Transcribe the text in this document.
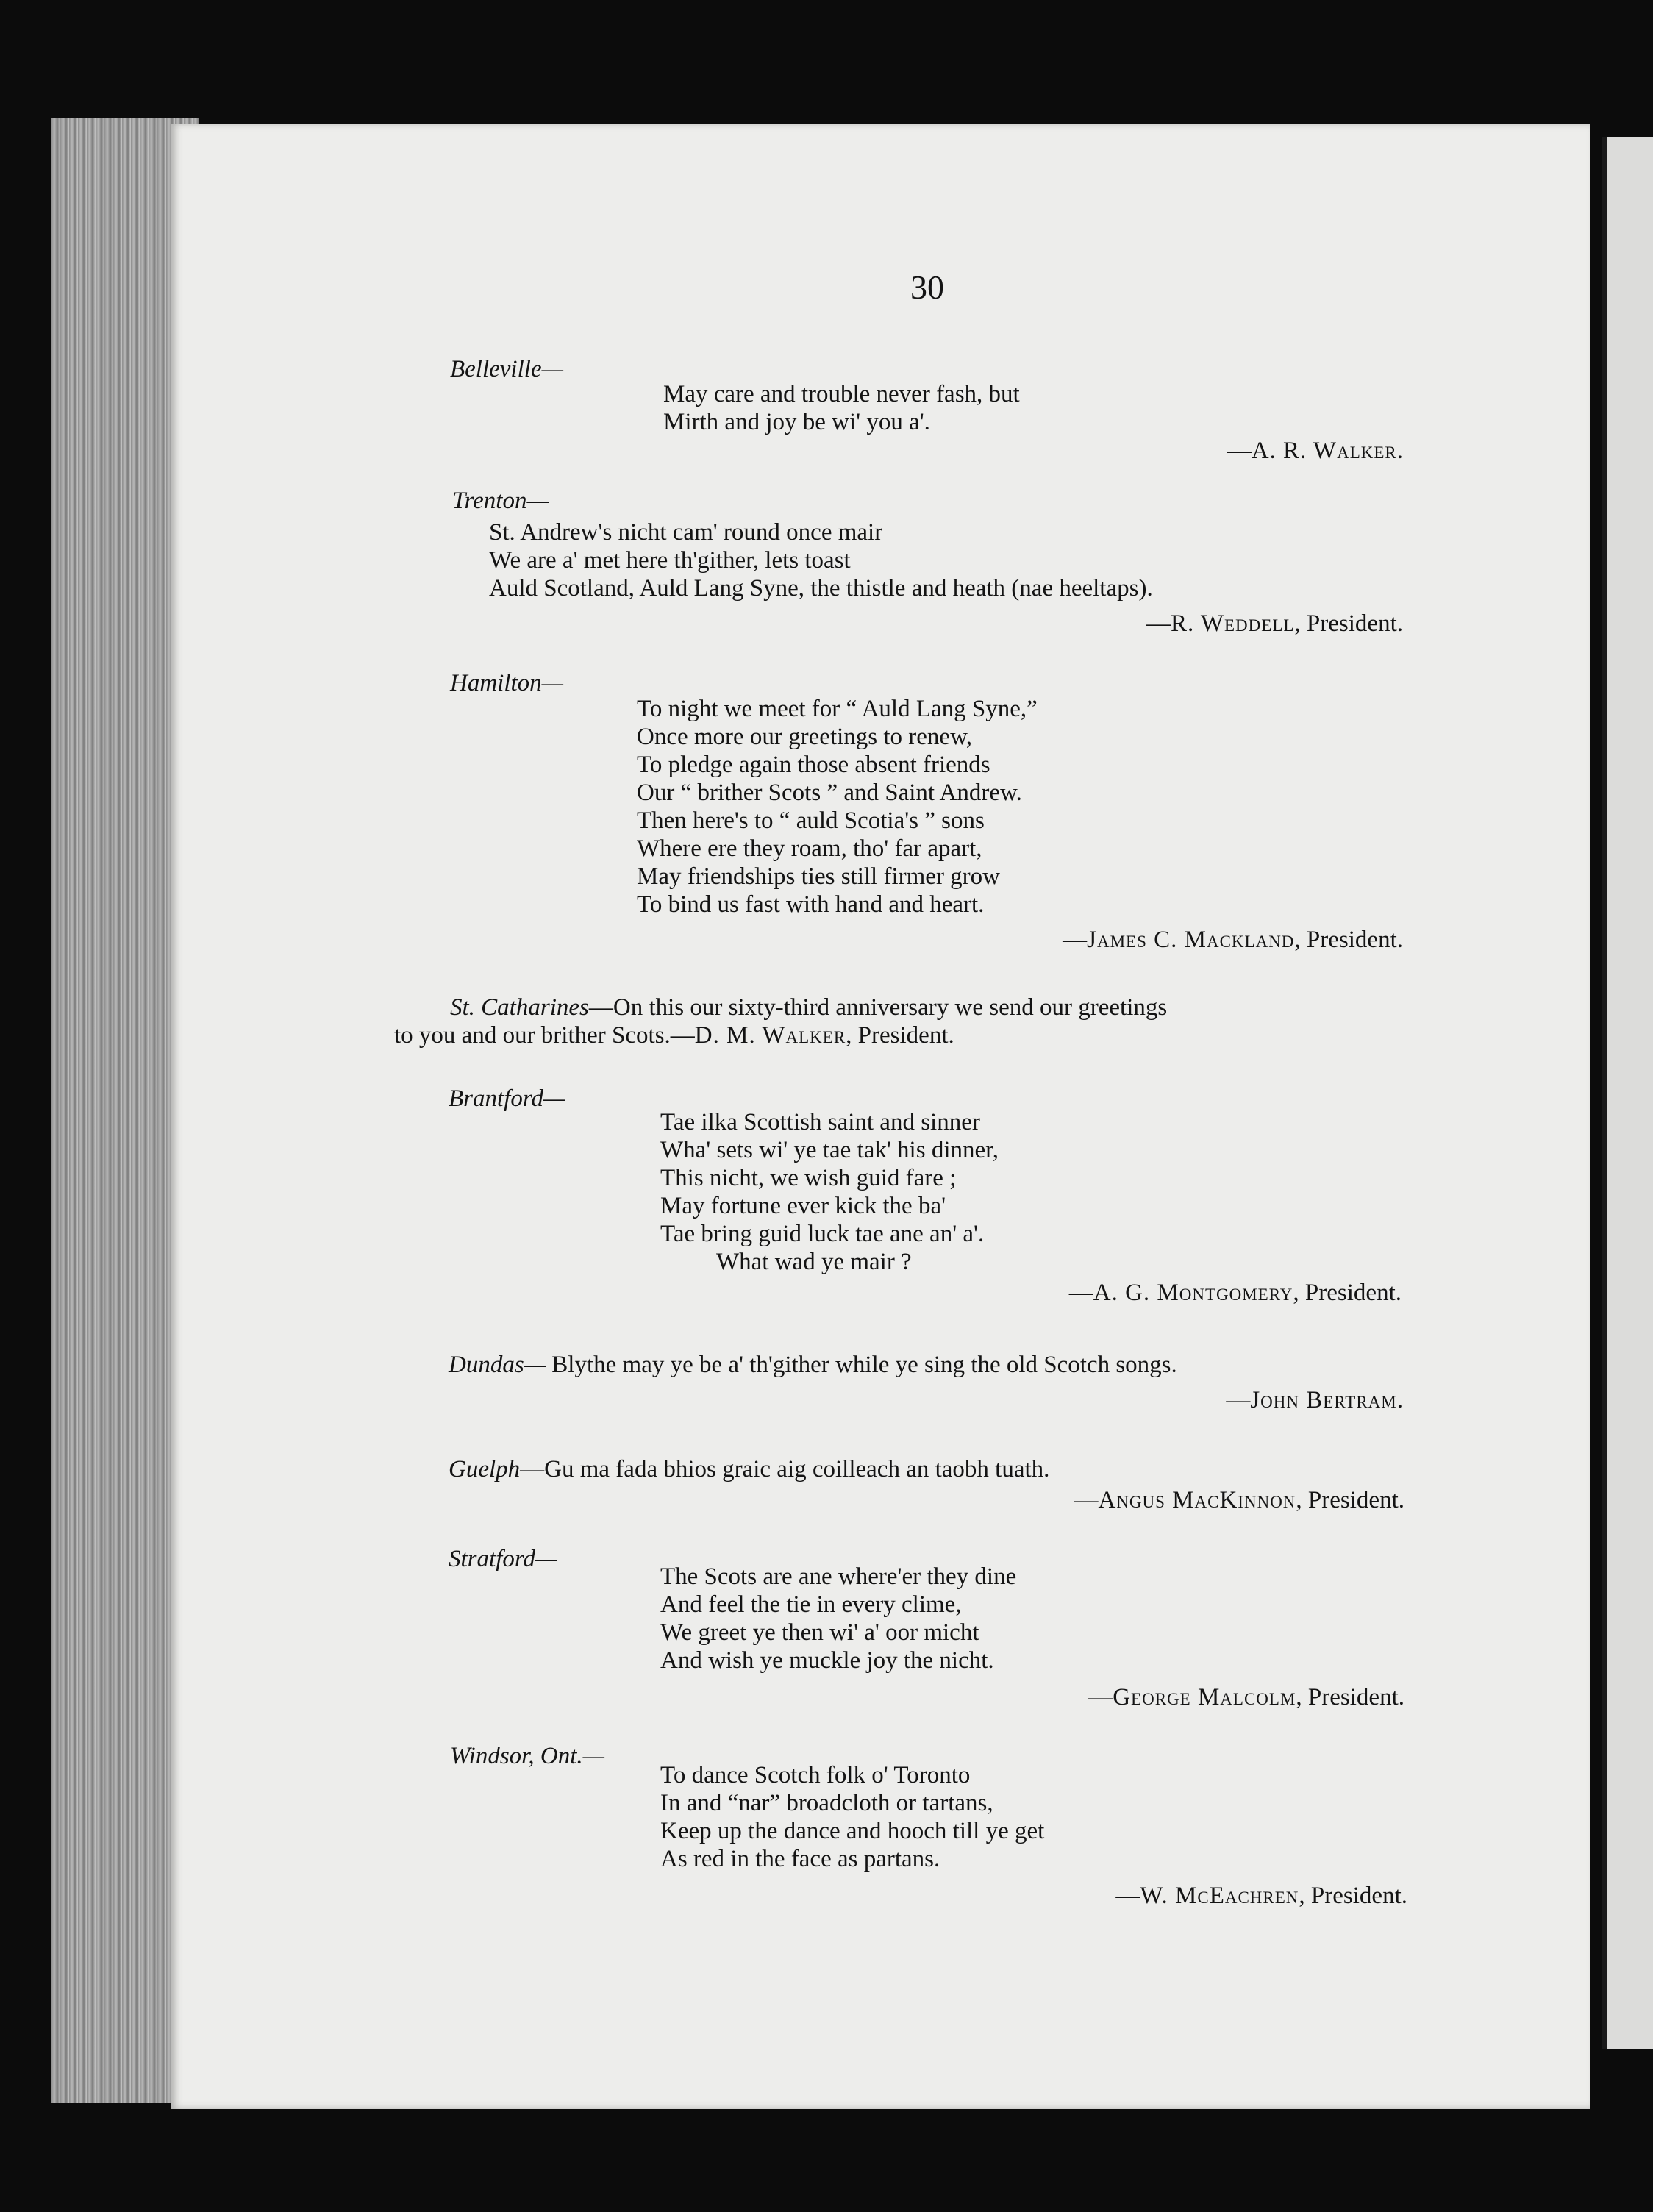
30
Belleville—
May care and trouble never fash, but
Mirth and joy be wi' you a'.
—A. R. Walker.
Trenton—
St. Andrew's nicht cam' round once mair
We are a' met here th'gither, lets toast
Auld Scotland, Auld Lang Syne, the thistle and heath (nae heeltaps).
—R. Weddell, President.
Hamilton—
To night we meet for “ Auld Lang Syne,”
Once more our greetings to renew,
To pledge again those absent friends
Our “ brither Scots ” and Saint Andrew.
Then here's to “ auld Scotia's ” sons
Where ere they roam, tho' far apart,
May friendships ties still firmer grow
To bind us fast with hand and heart.
—James C. Mackland, President.
St. Catharines—On this our sixty-third anniversary we send our greetings
to you and our brither Scots.—D. M. Walker, President.
Brantford—
Tae ilka Scottish saint and sinner
Wha' sets wi' ye tae tak' his dinner,
This nicht, we wish guid fare ;
May fortune ever kick the ba'
Tae bring guid luck tae ane an' a'.
What wad ye mair ?
—A. G. Montgomery, President.
Dundas— Blythe may ye be a' th'gither while ye sing the old Scotch songs.
—John Bertram.
Guelph—Gu ma fada bhios graic aig coilleach an taobh tuath.
—Angus MacKinnon, President.
Stratford—
The Scots are ane where'er they dine
And feel the tie in every clime,
We greet ye then wi' a' oor micht
And wish ye muckle joy the nicht.
—George Malcolm, President.
Windsor, Ont.—
To dance Scotch folk o' Toronto
In and “nar” broadcloth or tartans,
Keep up the dance and hooch till ye get
As red in the face as partans.
—W. McEachren, President.
